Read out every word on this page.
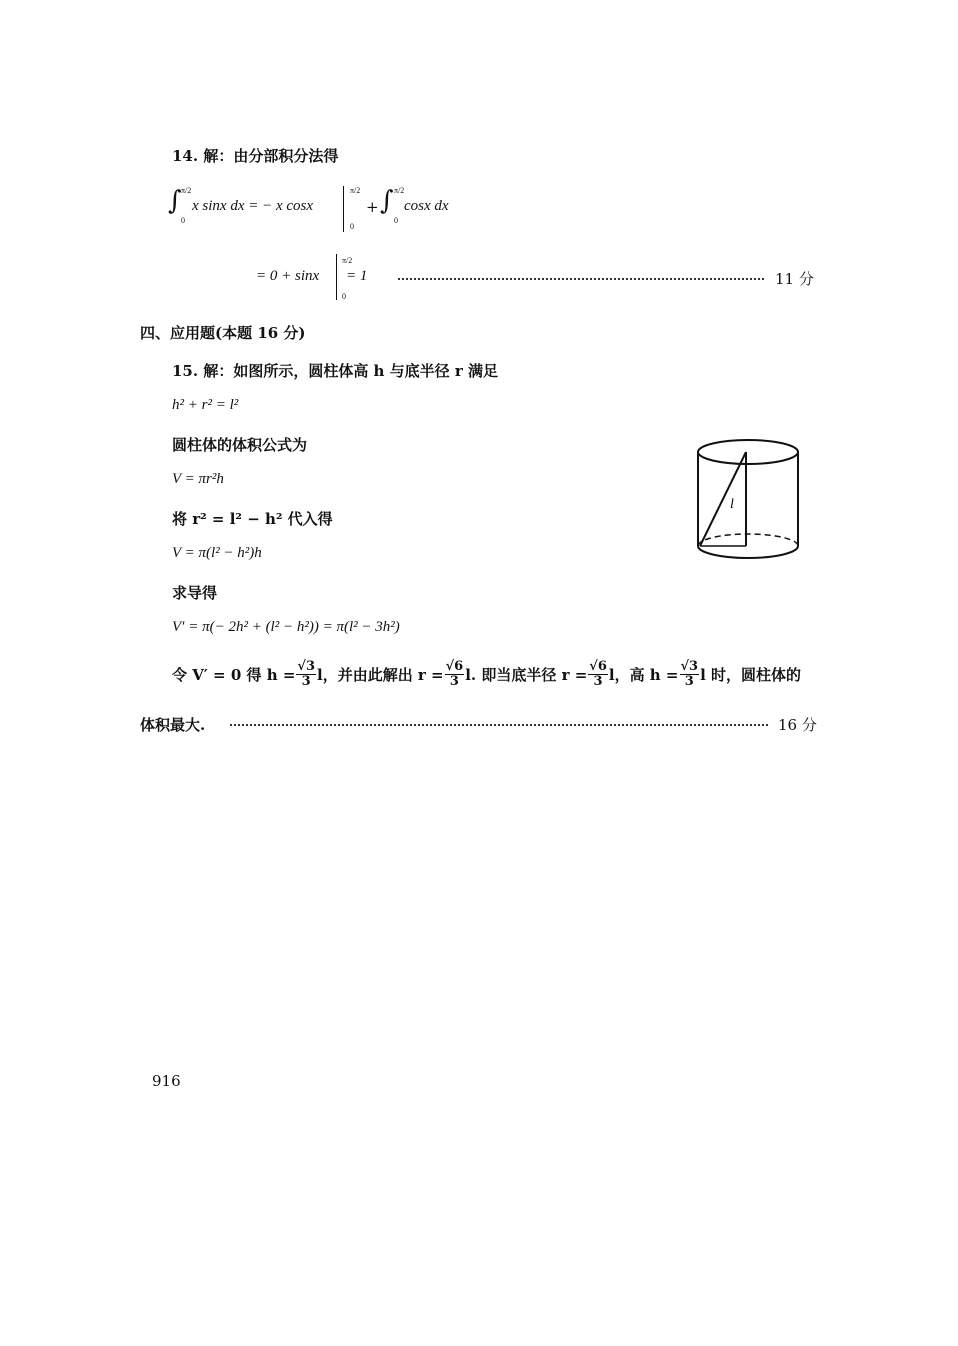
14. 解：由分部积分法得
∫ π/2
0
x sinx dx = − x cosx
π/2
0
+ ∫ π/2
0
cosx dx
= 0 + sinx
π/2
0
= 1	11 分
四、应用题(本题 16 分)
15. 解：如图所示，圆柱体高 h 与底半径 r 满足
h² + r² = l²
圆柱体的体积公式为
V = πr²h
将 r² = l² − h² 代入得
V = π(l² − h²)h
求导得
V′ = π(− 2h² + (l² − h²)) = π(l² − 3h²)
令 V′ = 0 得 $h = \frac{√3}{3}$ l，并由此解出 $r = \frac{√6}{3} l$. 即当底半径 $r = \frac{√6}{3}$ l，高 $h = \frac{√3}{3}$ l 时，圆柱体的
体积最大.	16 分
l
916
